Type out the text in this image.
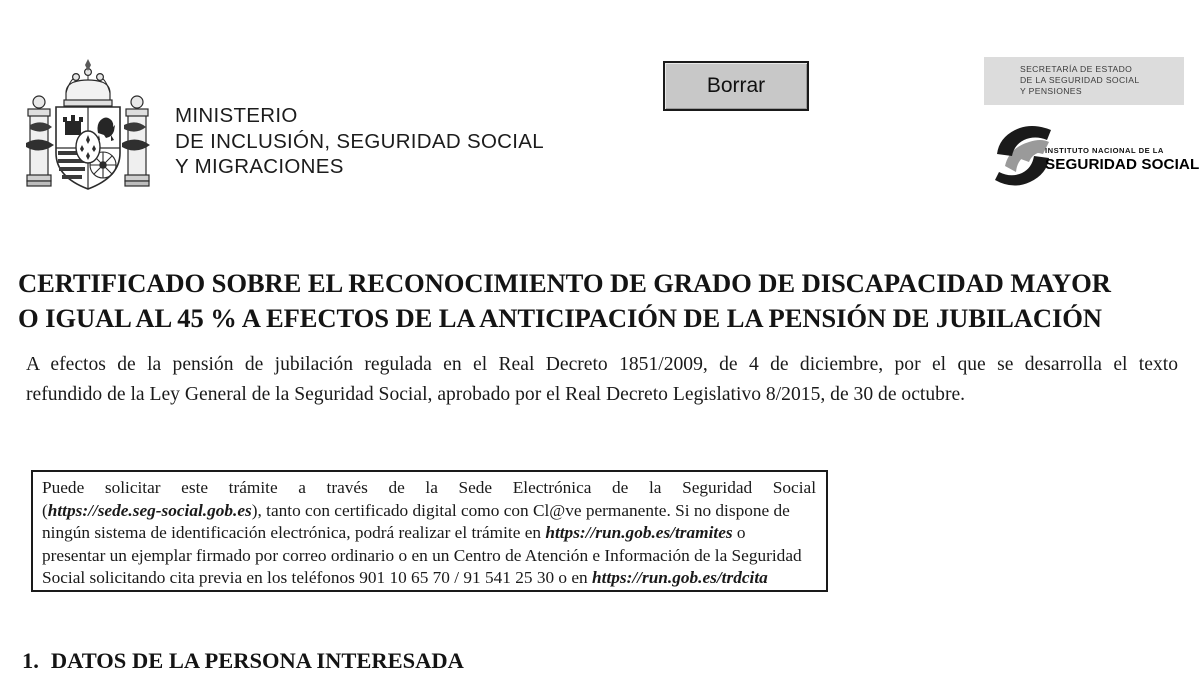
MINISTERIO
DE INCLUSIÓN, SEGURIDAD SOCIAL
Y MIGRACIONES
Borrar
SECRETARÍA DE ESTADO
DE LA SEGURIDAD SOCIAL
Y PENSIONES
INSTITUTO NACIONAL DE LA
SEGURIDAD SOCIAL
CERTIFICADO SOBRE EL RECONOCIMIENTO DE GRADO DE DISCAPACIDAD MAYOR
O IGUAL AL 45 % A EFECTOS DE LA ANTICIPACIÓN DE LA PENSIÓN DE JUBILACIÓN
A efectos de la pensión de jubilación regulada en el Real Decreto 1851/2009, de 4 de diciembre, por el que se desarrolla el texto
refundido de la Ley General de la Seguridad Social, aprobado por el Real Decreto Legislativo 8/2015, de 30 de octubre.
Puede solicitar este trámite a través de la Sede Electrónica de la Seguridad Social
(https://sede.seg-social.gob.es), tanto con certificado digital como con Cl@ve permanente. Si no dispone de
ningún sistema de identificación electrónica, podrá realizar el trámite en https://run.gob.es/tramites o
presentar un ejemplar firmado por correo ordinario o en un Centro de Atención e Información de la Seguridad
Social solicitando cita previa en los teléfonos 901 10 65 70 / 91 541 25 30 o en https://run.gob.es/trdcita
1. DATOS DE LA PERSONA INTERESADA
